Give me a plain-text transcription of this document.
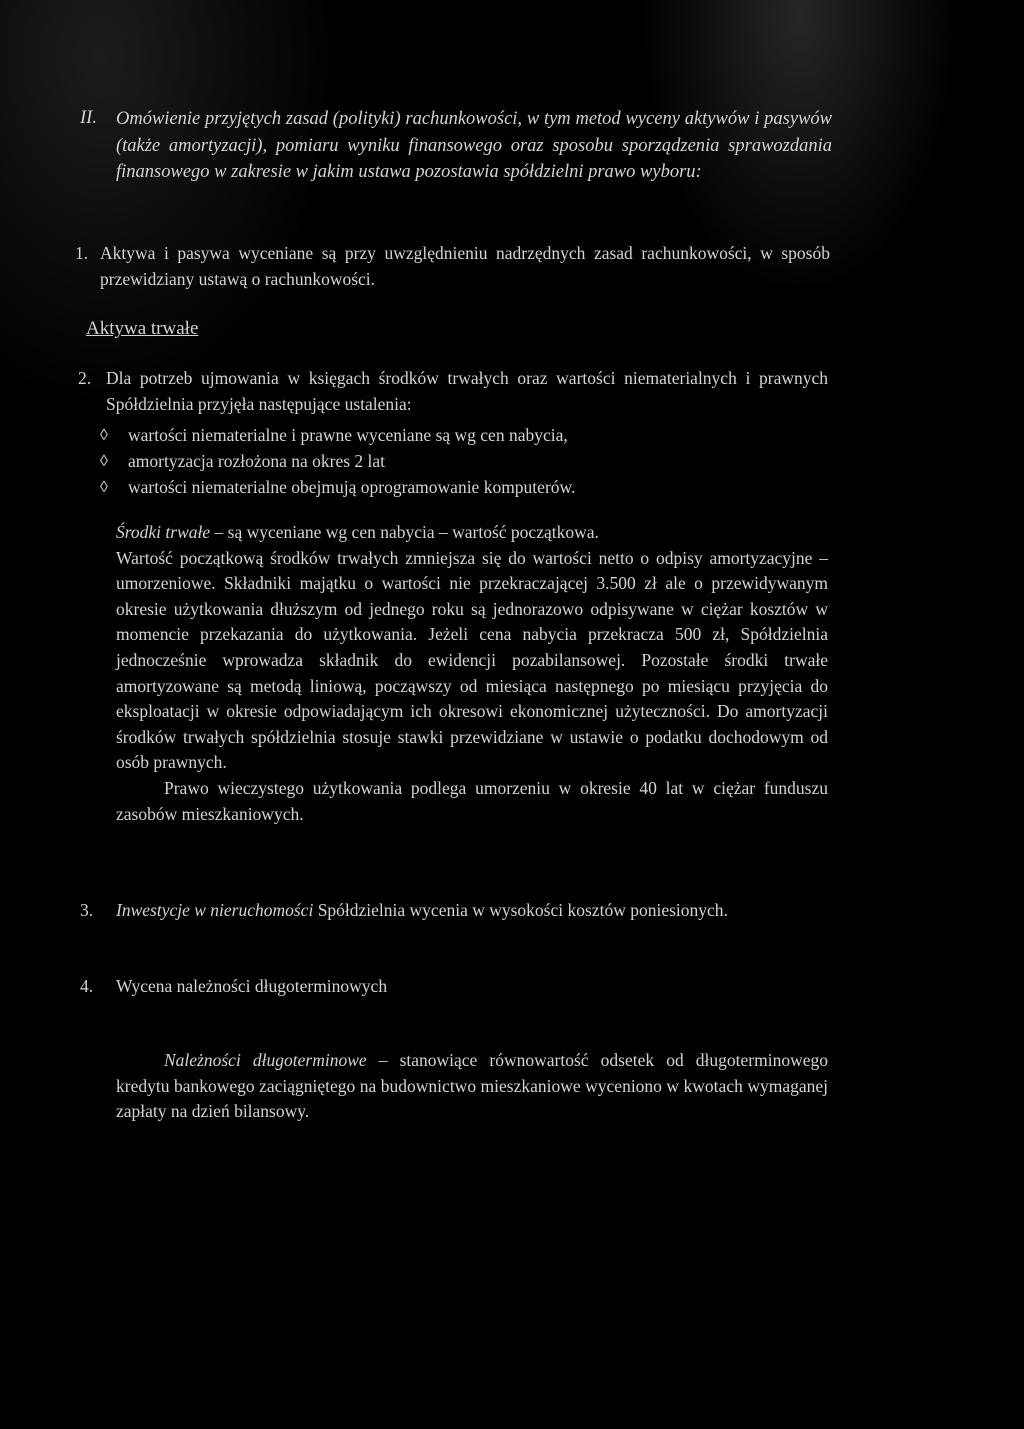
II. Omówienie przyjętych zasad (polityki) rachunkowości, w tym metod wyceny aktywów i pasywów (także amortyzacji), pomiaru wyniku finansowego oraz sposobu sporządzenia sprawozdania finansowego w zakresie w jakim ustawa pozostawia spółdzielni prawo wyboru:
1. Aktywa i pasywa wyceniane są przy uwzględnieniu nadrzędnych zasad rachunkowości, w sposób przewidziany ustawą o rachunkowości.
Aktywa trwałe
2. Dla potrzeb ujmowania w księgach środków trwałych oraz wartości niematerialnych i prawnych Spółdzielnia przyjęła następujące ustalenia:
◊ wartości niematerialne i prawne wyceniane są wg cen nabycia,
◊ amortyzacja rozłożona na okres 2 lat
◊ wartości niematerialne obejmują oprogramowanie komputerów.
Środki trwałe – są wyceniane wg cen nabycia – wartość początkowa.
Wartość początkową środków trwałych zmniejsza się do wartości netto o odpisy amortyzacyjne – umorzeniowe. Składniki majątku o wartości nie przekraczającej 3.500 zł ale o przewidywanym okresie użytkowania dłuższym od jednego roku są jednorazowo odpisywane w ciężar kosztów w momencie przekazania do użytkowania. Jeżeli cena nabycia przekracza 500 zł, Spółdzielnia jednocześnie wprowadza składnik do ewidencji pozabilansowej. Pozostałe środki trwałe amortyzowane są metodą liniową, począwszy od miesiąca następnego po miesiącu przyjęcia do eksploatacji w okresie odpowiadającym ich okresowi ekonomicznej użyteczności. Do amortyzacji środków trwałych spółdzielnia stosuje stawki przewidziane w ustawie o podatku dochodowym od osób prawnych.
Prawo wieczystego użytkowania podlega umorzeniu w okresie 40 lat w ciężar funduszu zasobów mieszkaniowych.
3. Inwestycje w nieruchomości Spółdzielnia wycenia w wysokości kosztów poniesionych.
4. Wycena należności długoterminowych
Należności długoterminowe – stanowiące równowartość odsetek od długoterminowego kredytu bankowego zaciągniętego na budownictwo mieszkaniowe wyceniono w kwotach wymaganej zapłaty na dzień bilansowy.
